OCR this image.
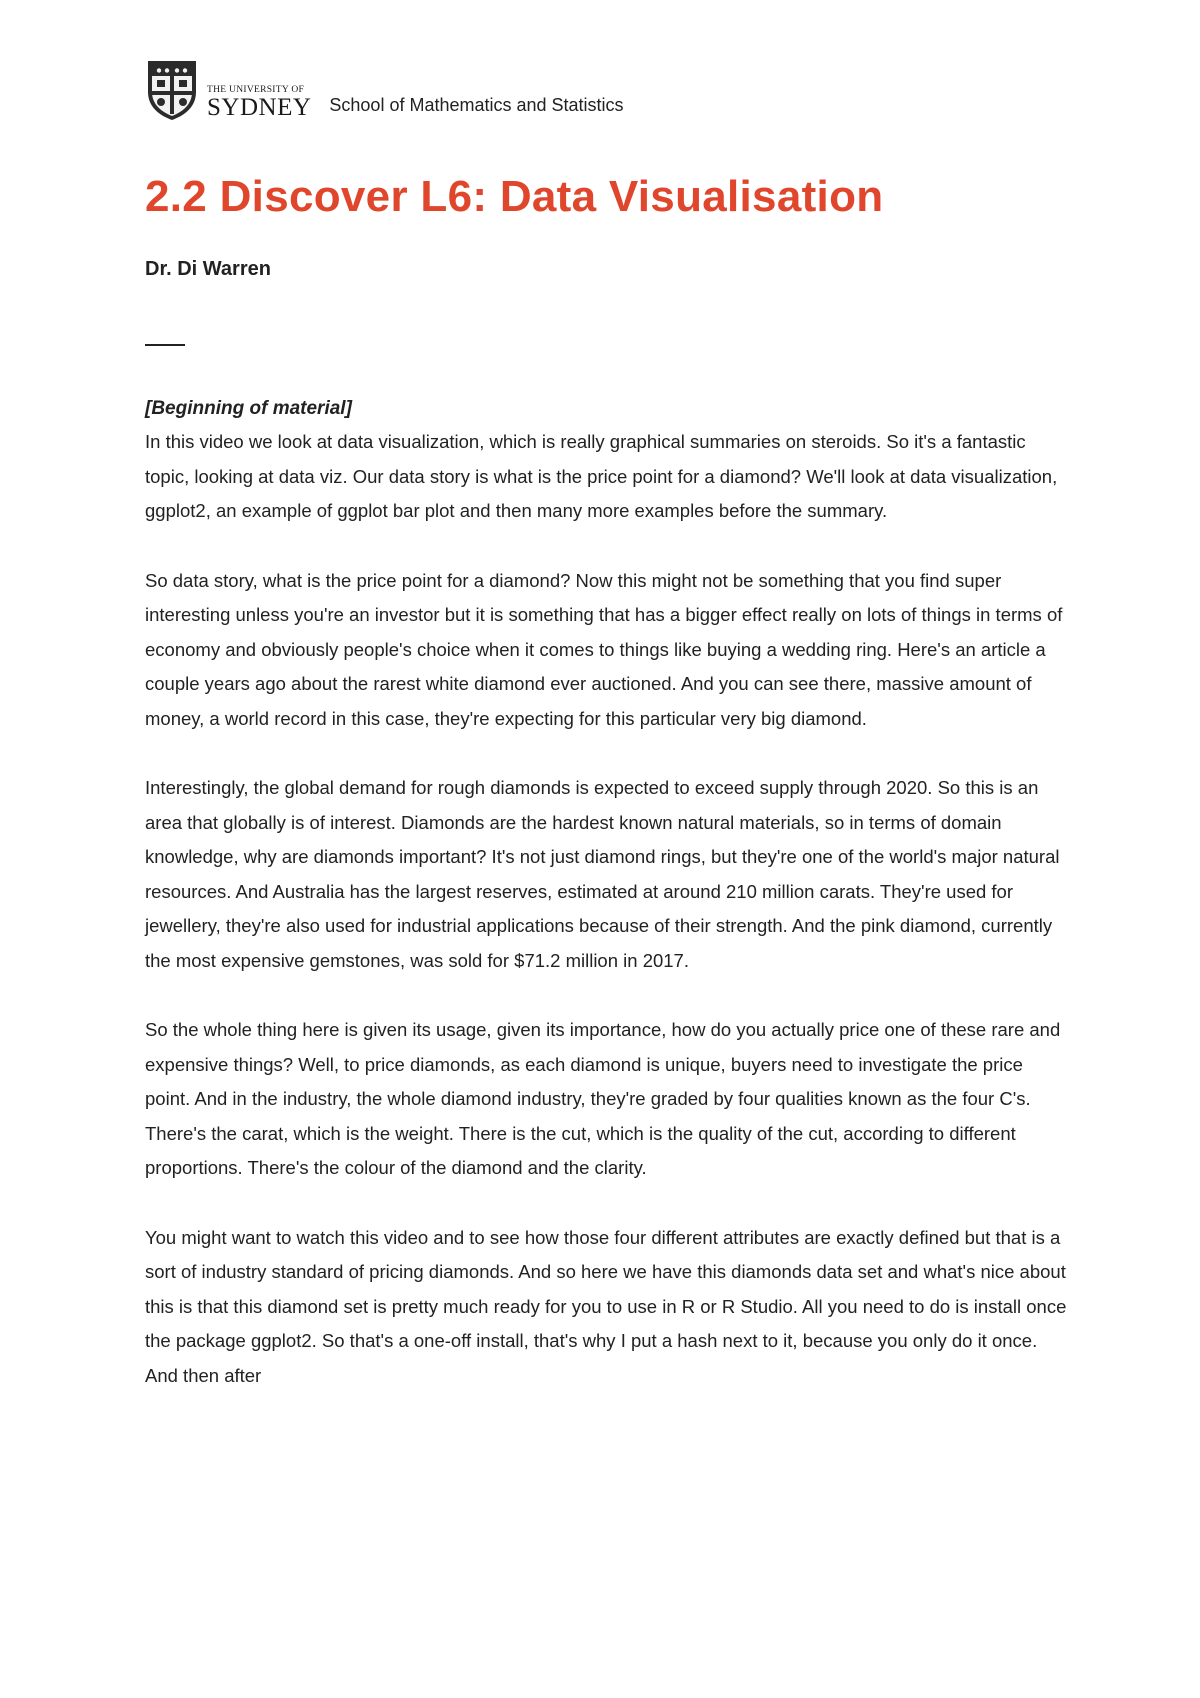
THE UNIVERSITY OF
SYDNEY School of Mathematics and Statistics
2.2 Discover L6: Data Visualisation
Dr. Di Warren
[Beginning of material]

In this video we look at data visualization, which is really graphical summaries on steroids. So it's a fantastic topic, looking at data viz. Our data story is what is the price point for a diamond? We'll look at data visualization, ggplot2, an example of ggplot bar plot and then many more examples before the summary.

So data story, what is the price point for a diamond? Now this might not be something that you find super interesting unless you're an investor but it is something that has a bigger effect really on lots of things in terms of economy and obviously people's choice when it comes to things like buying a wedding ring. Here's an article a couple years ago about the rarest white diamond ever auctioned. And you can see there, massive amount of money, a world record in this case, they're expecting for this particular very big diamond.

Interestingly, the global demand for rough diamonds is expected to exceed supply through 2020. So this is an area that globally is of interest. Diamonds are the hardest known natural materials, so in terms of domain knowledge, why are diamonds important? It's not just diamond rings, but they're one of the world's major natural resources. And Australia has the largest reserves, estimated at around 210 million carats. They're used for jewellery, they're also used for industrial applications because of their strength. And the pink diamond, currently the most expensive gemstones, was sold for $71.2 million in 2017.

So the whole thing here is given its usage, given its importance, how do you actually price one of these rare and expensive things? Well, to price diamonds, as each diamond is unique, buyers need to investigate the price point. And in the industry, the whole diamond industry, they're graded by four qualities known as the four C's. There's the carat, which is the weight. There is the cut, which is the quality of the cut, according to different proportions. There's the colour of the diamond and the clarity.

You might want to watch this video and to see how those four different attributes are exactly defined but that is a sort of industry standard of pricing diamonds. And so here we have this diamonds data set and what's nice about this is that this diamond set is pretty much ready for you to use in R or R Studio. All you need to do is install once the package ggplot2. So that's a one-off install, that's why I put a hash next to it, because you only do it once. And then after
